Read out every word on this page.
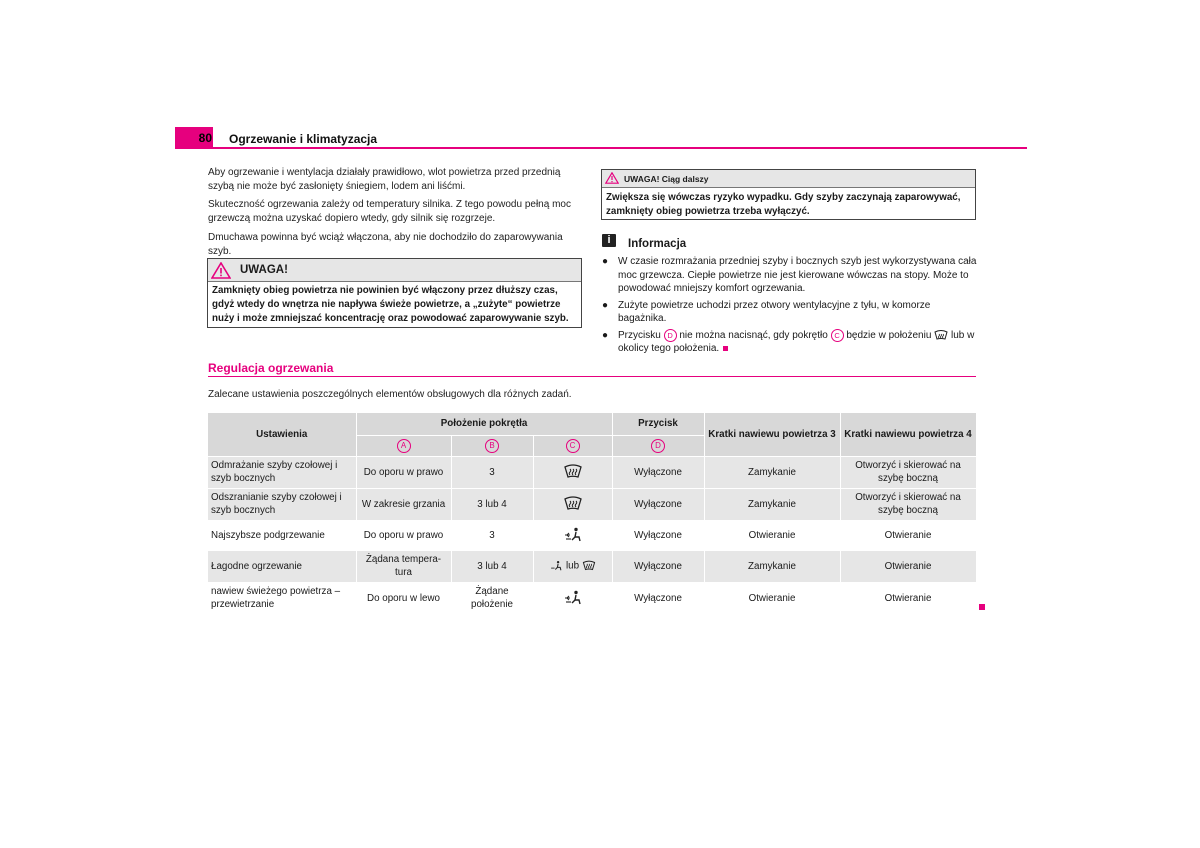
80 Ogrzewanie i klimatyzacja
Aby ogrzewanie i wentylacja działały prawidłowo, wlot powietrza przed przednią szybą nie może być zasłonięty śniegiem, lodem ani liśćmi.
Skuteczność ogrzewania zależy od temperatury silnika. Z tego powodu pełną moc grzewczą można uzyskać dopiero wtedy, gdy silnik się rozgrzeje.
Dmuchawa powinna być wciąż włączona, aby nie dochodziło do zaparowywania szyb.
UWAGA!
Zamknięty obieg powietrza nie powinien być włączony przez dłuższy czas, gdyż wtedy do wnętrza nie napływa świeże powietrze, a „zużyte“ powietrze nuży i może zmniejszać koncentrację oraz powodować zaparowywanie szyb.
UWAGA! Ciąg dalszy
Zwiększa się wówczas ryzyko wypadku. Gdy szyby zaczynają zaparowywać, zamknięty obieg powietrza trzeba wyłączyć.
i	Informacja
● W czasie rozmrażania przedniej szyby i bocznych szyb jest wykorzystywana cała moc grzewcza. Ciepłe powietrze nie jest kierowane wówczas na stopy. Może to powodować mniejszy komfort ogrzewania.
● Zużyte powietrze uchodzi przez otwory wentylacyjne z tyłu, w komorze bagażnika.
● Przycisku D nie można nacisnąć, gdy pokrętło C będzie w położeniu lub w okolicy tego położenia.
Regulacja ogrzewania
Zalecane ustawienia poszczególnych elementów obsługowych dla różnych zadań.
Ustawienia	Położenie pokrętła			Przycisk	Kratki nawiewu powietrza 3	Kratki nawiewu powietrza 4
	A	B	C	D		
Odmrażanie szyby czołowej i szyb bocznych	Do oporu w prawo	3		Wyłączone	Zamykanie	Otworzyć i skierować na szybę boczną
Odszranianie szyby czołowej i szyb bocznych	W zakresie grzania	3 lub 4		Wyłączone	Zamykanie	Otworzyć i skierować na szybę boczną
Najszybsze podgrzewanie	Do oporu w prawo	3		Wyłączone	Otwieranie	Otwieranie
Łagodne ogrzewanie	Żądana tempera- tura	3 lub 4	lub	Wyłączone	Zamykanie	Otwieranie
nawiew świeżego powietrza – przewietrzanie	Do oporu w lewo	Żądane położenie		Wyłączone	Otwieranie	Otwieranie
